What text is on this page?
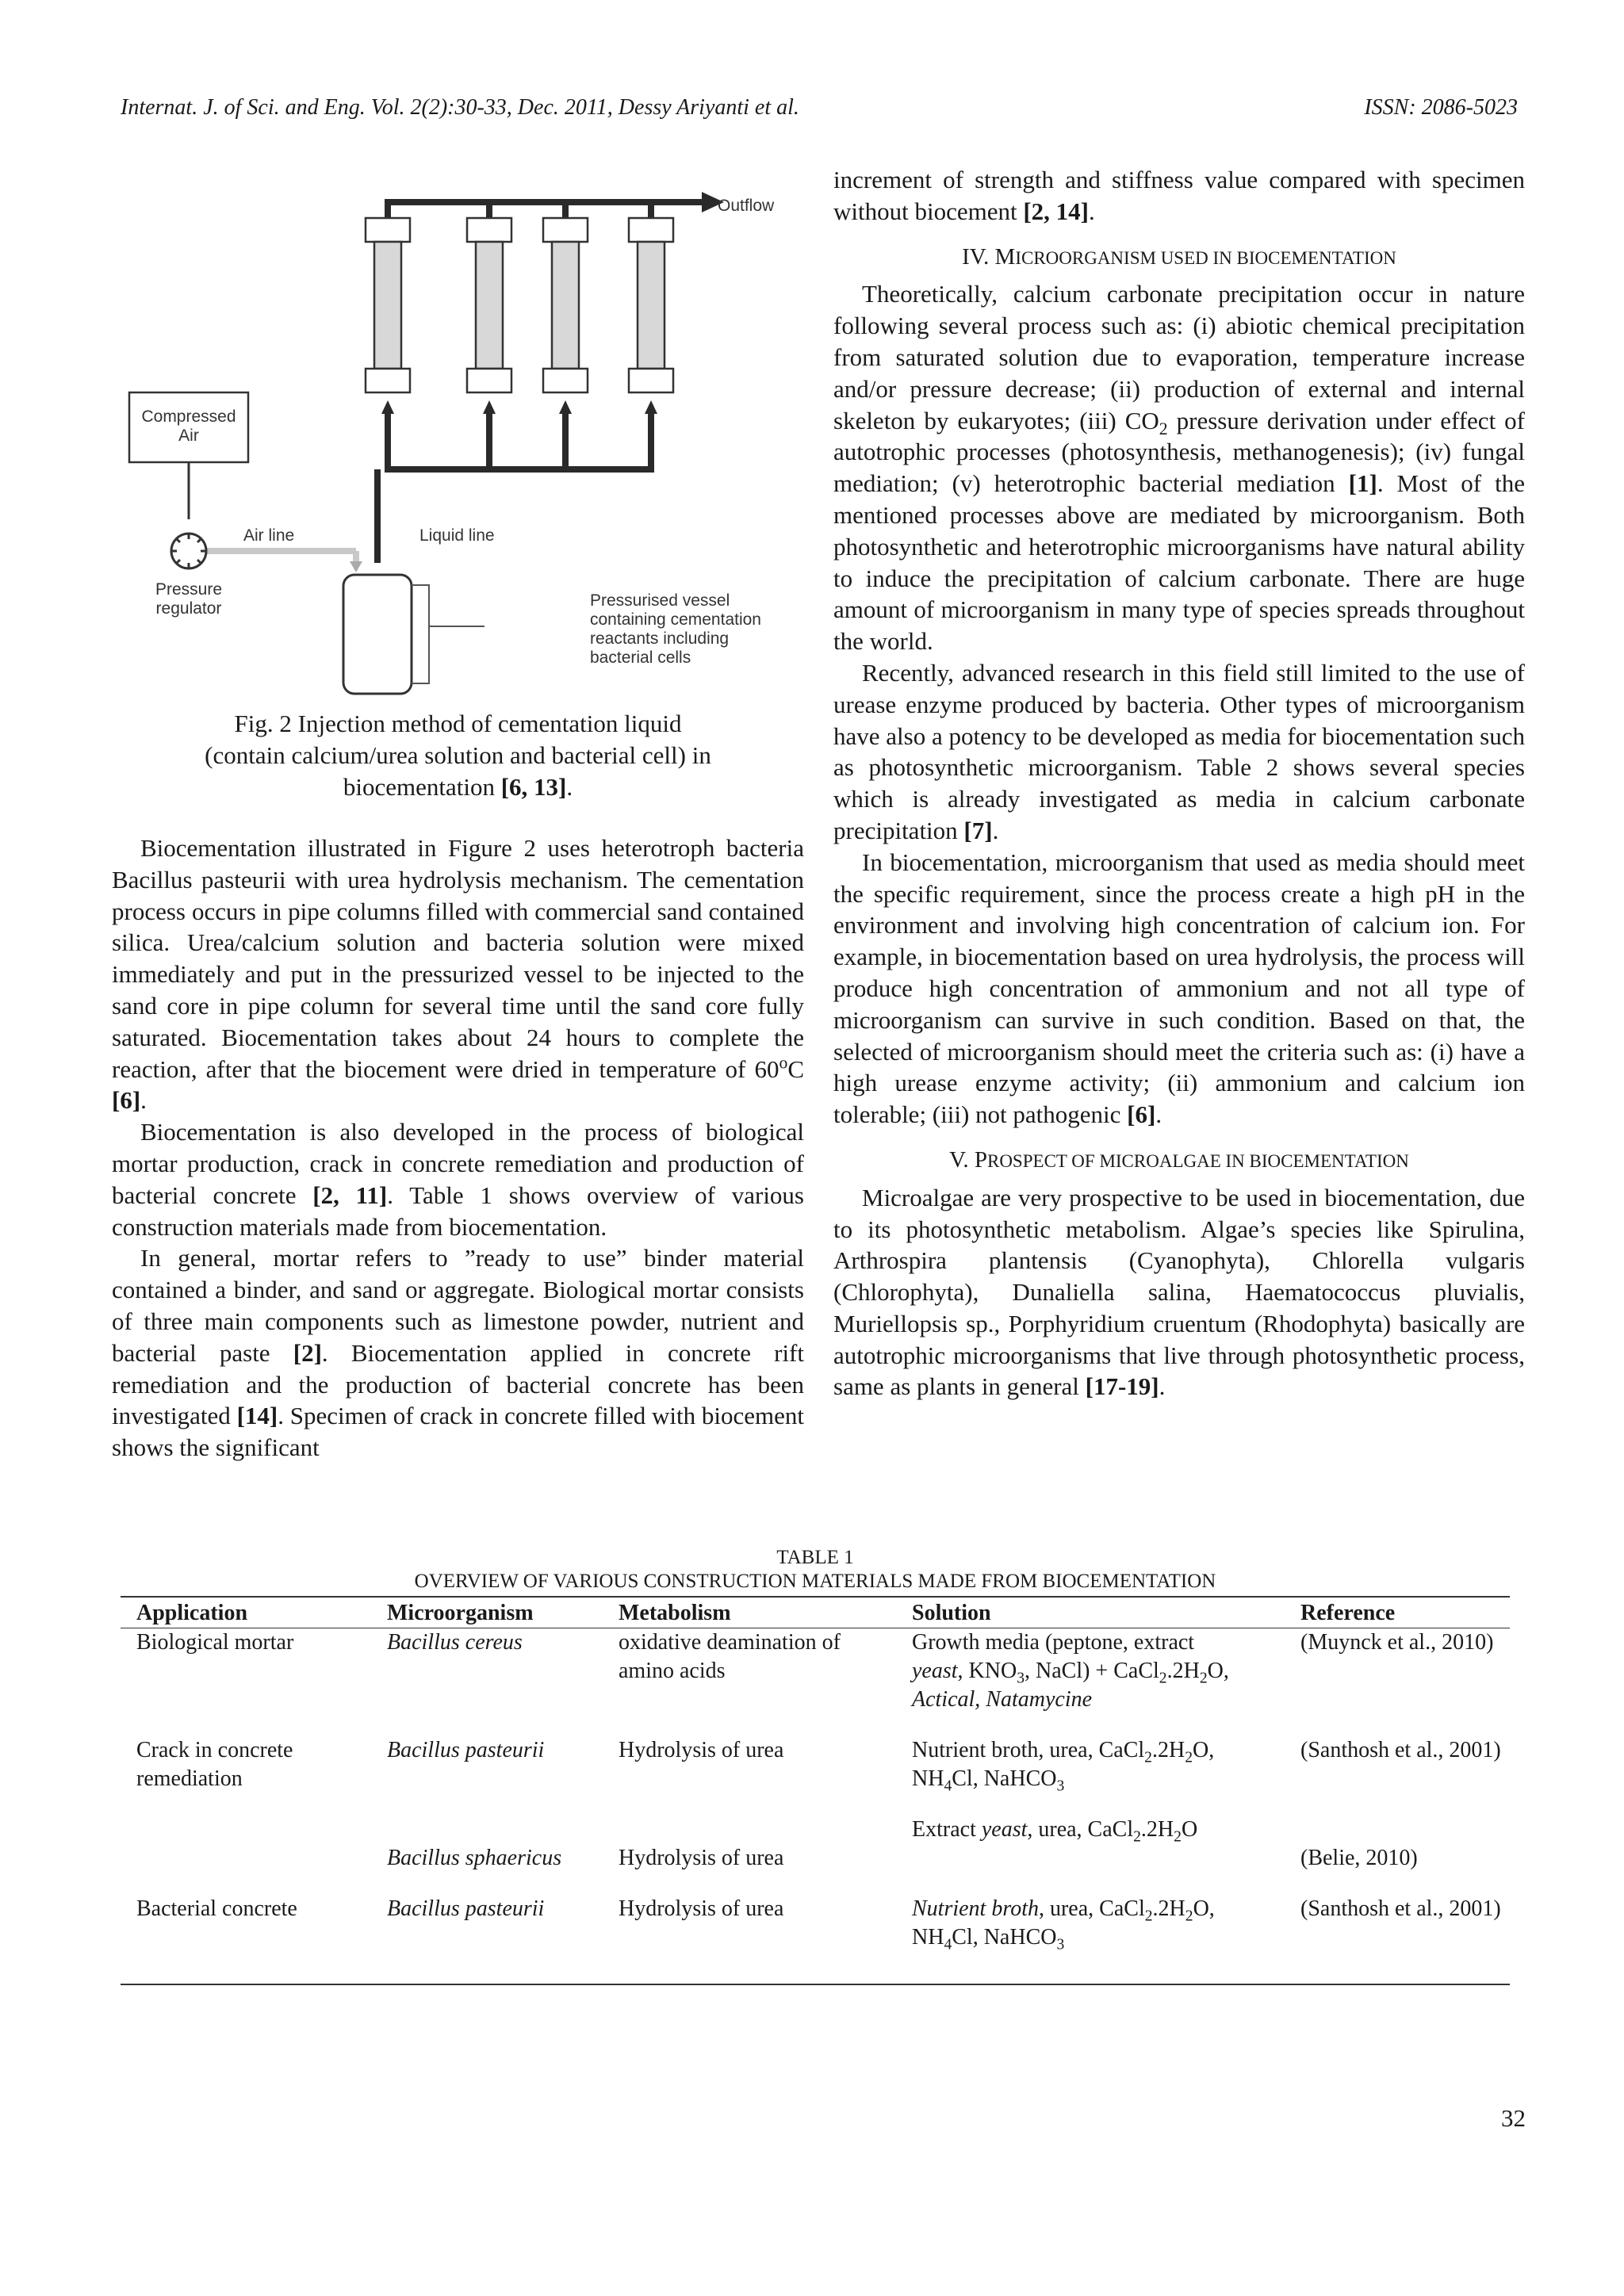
Internat. J. of Sci. and Eng. Vol. 2(2):30-33, Dec. 2011, Dessy Ariyanti et al.	ISSN: 2086-5023
Outflow
Compressed
Air
Air line	Liquid line
Pressure
regulator	Pressurised vessel
containing cementation
reactants including
bacterial cells
Fig. 2 Injection method of cementation liquid
(contain calcium/urea solution and bacterial cell) in
biocementation [6, 13].

Biocementation illustrated in Figure 2 uses heterotroph bacteria Bacillus pasteurii with urea hydrolysis mechanism. The cementation process occurs in pipe columns filled with commercial sand contained silica. Urea/calcium solution and bacteria solution were mixed immediately and put in the pressurized vessel to be injected to the sand core in pipe column for several time until the sand core fully saturated. Biocementation takes about 24 hours to complete the reaction, after that the biocement were dried in temperature of 60$^o$C [6].

Biocementation is also developed in the process of biological mortar production, crack in concrete remediation and production of bacterial concrete [2, 11]. Table 1 shows overview of various construction materials made from biocementation.

In general, mortar refers to ”ready to use” binder material contained a binder, and sand or aggregate. Biological mortar consists of three main components such as limestone powder, nutrient and bacterial paste [2]. Biocementation applied in concrete rift remediation and the production of bacterial concrete has been investigated [14]. Specimen of crack in concrete filled with biocement shows the significant

increment of strength and stiffness value compared with specimen without biocement [2, 14].

IV. MICROORGANISM USED IN BIOCEMENTATION

Theoretically, calcium carbonate precipitation occur in nature following several process such as: (i) abiotic chemical precipitation from saturated solution due to evaporation, temperature increase and/or pressure decrease; (ii) production of external and internal skeleton by eukaryotes; (iii) $CO_2$ pressure derivation under effect of autotrophic processes (photosynthesis, methanogenesis); (iv) fungal mediation; (v) heterotrophic bacterial mediation [1]. Most of the mentioned processes above are mediated by microorganism. Both photosynthetic and heterotrophic microorganisms have natural ability to induce the precipitation of calcium carbonate. There are huge amount of microorganism in many type of species spreads throughout the world.

Recently, advanced research in this field still limited to the use of urease enzyme produced by bacteria. Other types of microorganism have also a potency to be developed as media for biocementation such as photosynthetic microorganism. Table 2 shows several species which is already investigated as media in calcium carbonate precipitation [7].

In biocementation, microorganism that used as media should meet the specific requirement, since the process create a high pH in the environment and involving high concentration of calcium ion. For example, in biocementation based on urea hydrolysis, the process will produce high concentration of ammonium and not all type of microorganism can survive in such condition. Based on that, the selected of microorganism should meet the criteria such as: (i) have a high urease enzyme activity; (ii) ammonium and calcium ion tolerable; (iii) not pathogenic [6].

V. PROSPECT OF MICROALGAE IN BIOCEMENTATION

Microalgae are very prospective to be used in biocementation, due to its photosynthetic metabolism. Algae’s species like Spirulina, Arthrospira plantensis (Cyanophyta), Chlorella vulgaris (Chlorophyta), Dunaliella salina, Haematococcus pluvialis, Muriellopsis sp., Porphyridium cruentum (Rhodophyta) basically are autotrophic microorganisms that live through photosynthetic process, same as plants in general [17-19].

TABLE 1
OVERVIEW OF VARIOUS CONSTRUCTION MATERIALS MADE FROM BIOCEMENTATION
Application	Microorganism	Metabolism	Solution	Reference
Biological mortar	Bacillus cereus	oxidative deamination of amino acids	Growth media (peptone, extract
yeast, $KNO_3$, NaCl) + $CaCl_2.2H_2O$,
Actical, Natamycine	(Muynck et al., 2010)
Crack in concrete remediation	Bacillus pasteurii	Hydrolysis of urea	Nutrient broth, urea, $CaCl_2.2H_2O$,
$NH_4Cl$, NaHCO$_3$	(Santhosh et al., 2001)
			Extract yeast, urea, $CaCl_2.2H_2O$	
	Bacillus sphaericus	Hydrolysis of urea		(Belie, 2010)
Bacterial concrete	Bacillus pasteurii	Hydrolysis of urea	Nutrient broth, urea, $CaCl_2.2H_2O$,
$NH_4Cl$, NaHCO$_3$	(Santhosh et al., 2001)
32
